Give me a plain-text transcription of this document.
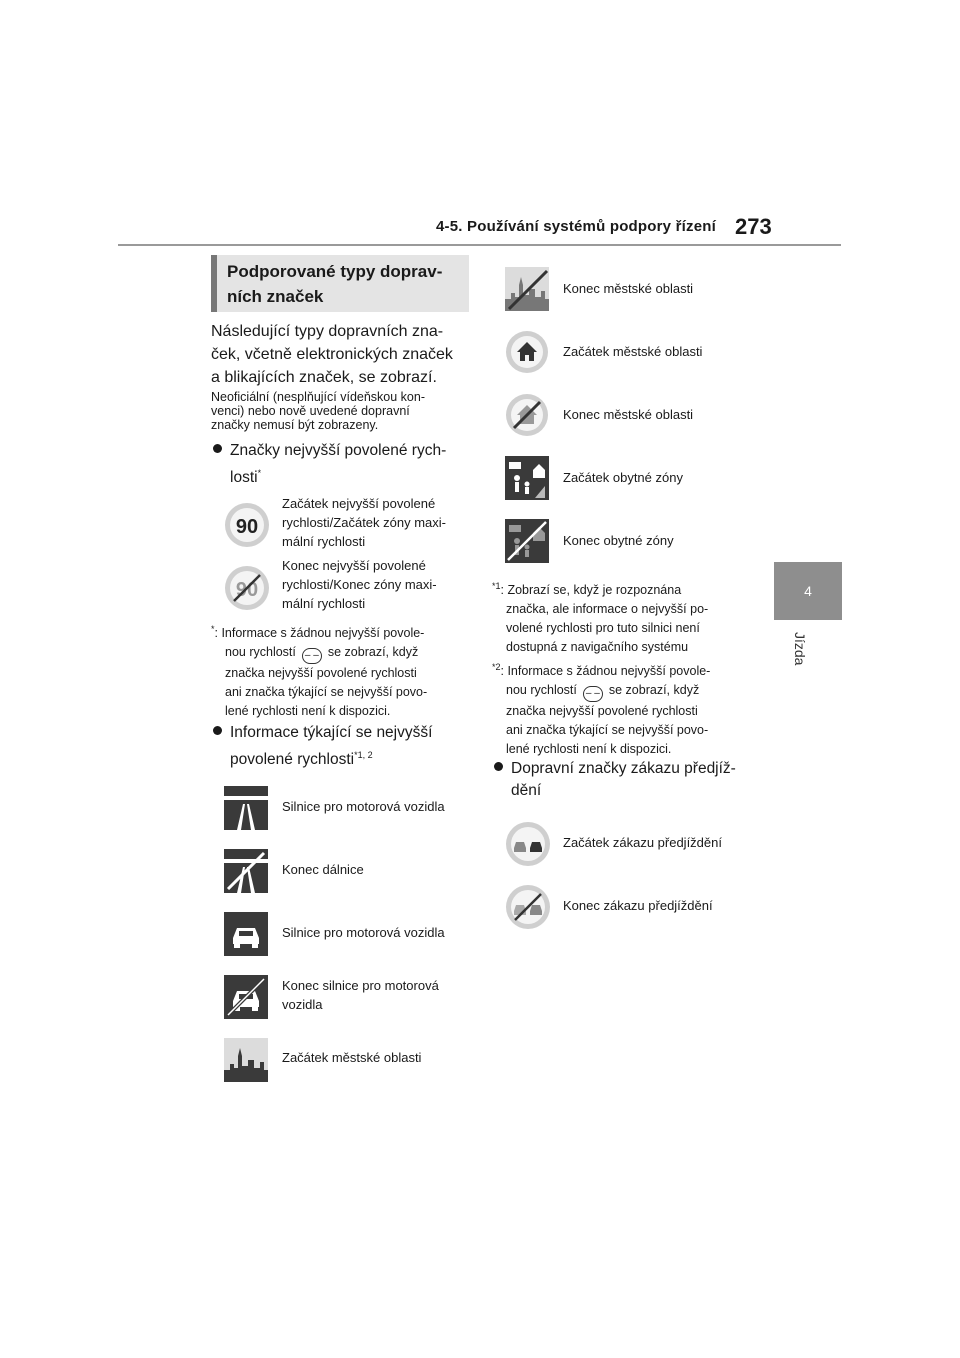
4-5. Používání systémů podpory řízení 273
4
Jízda
Podporované typy doprav-
ních značek
Následující typy dopravních zna-
ček, včetně elektronických značek
a blikajících značek, se zobrazí.
Neoficiální (nesplňující vídeňskou kon-
venci) nebo nově uvedené dopravní
značky nemusí být zobrazeny.
Značky nejvyšší povolené rych-
losti*
90
Začátek nejvyšší povolené
rychlosti/Začátek zóny maxi-
mální rychlosti
90
Konec nejvyšší povolené
rychlosti/Konec zóny maxi-
mální rychlosti
*: Informace s žádnou nejvyšší povole-
nou rychlostí – – se zobrazí, když
značka nejvyšší povolené rychlosti
ani značka týkající se nejvyšší povo-
lené rychlosti není k dispozici.
Informace týkající se nejvyšší
povolené rychlosti$^{*1, 2}$
Silnice pro motorová vozidla
Konec dálnice
Silnice pro motorová vozidla
Konec silnice pro motorová
vozidla
Začátek městské oblasti
Konec městské oblasti
Začátek městské oblasti
Konec městské oblasti
Začátek obytné zóny
Konec obytné zóny
$^{*1}$: Zobrazí se, když je rozpoznána
značka, ale informace o nejvyšší po-
volené rychlosti pro tuto silnici není
dostupná z navigačního systému
$^{*2}$: Informace s žádnou nejvyšší povole-
nou rychlostí – – se zobrazí, když
značka nejvyšší povolené rychlosti
ani značka týkající se nejvyšší povo-
lené rychlosti není k dispozici.
Dopravní značky zákazu předjíž-
dění
Začátek zákazu předjíždění
Konec zákazu předjíždění
